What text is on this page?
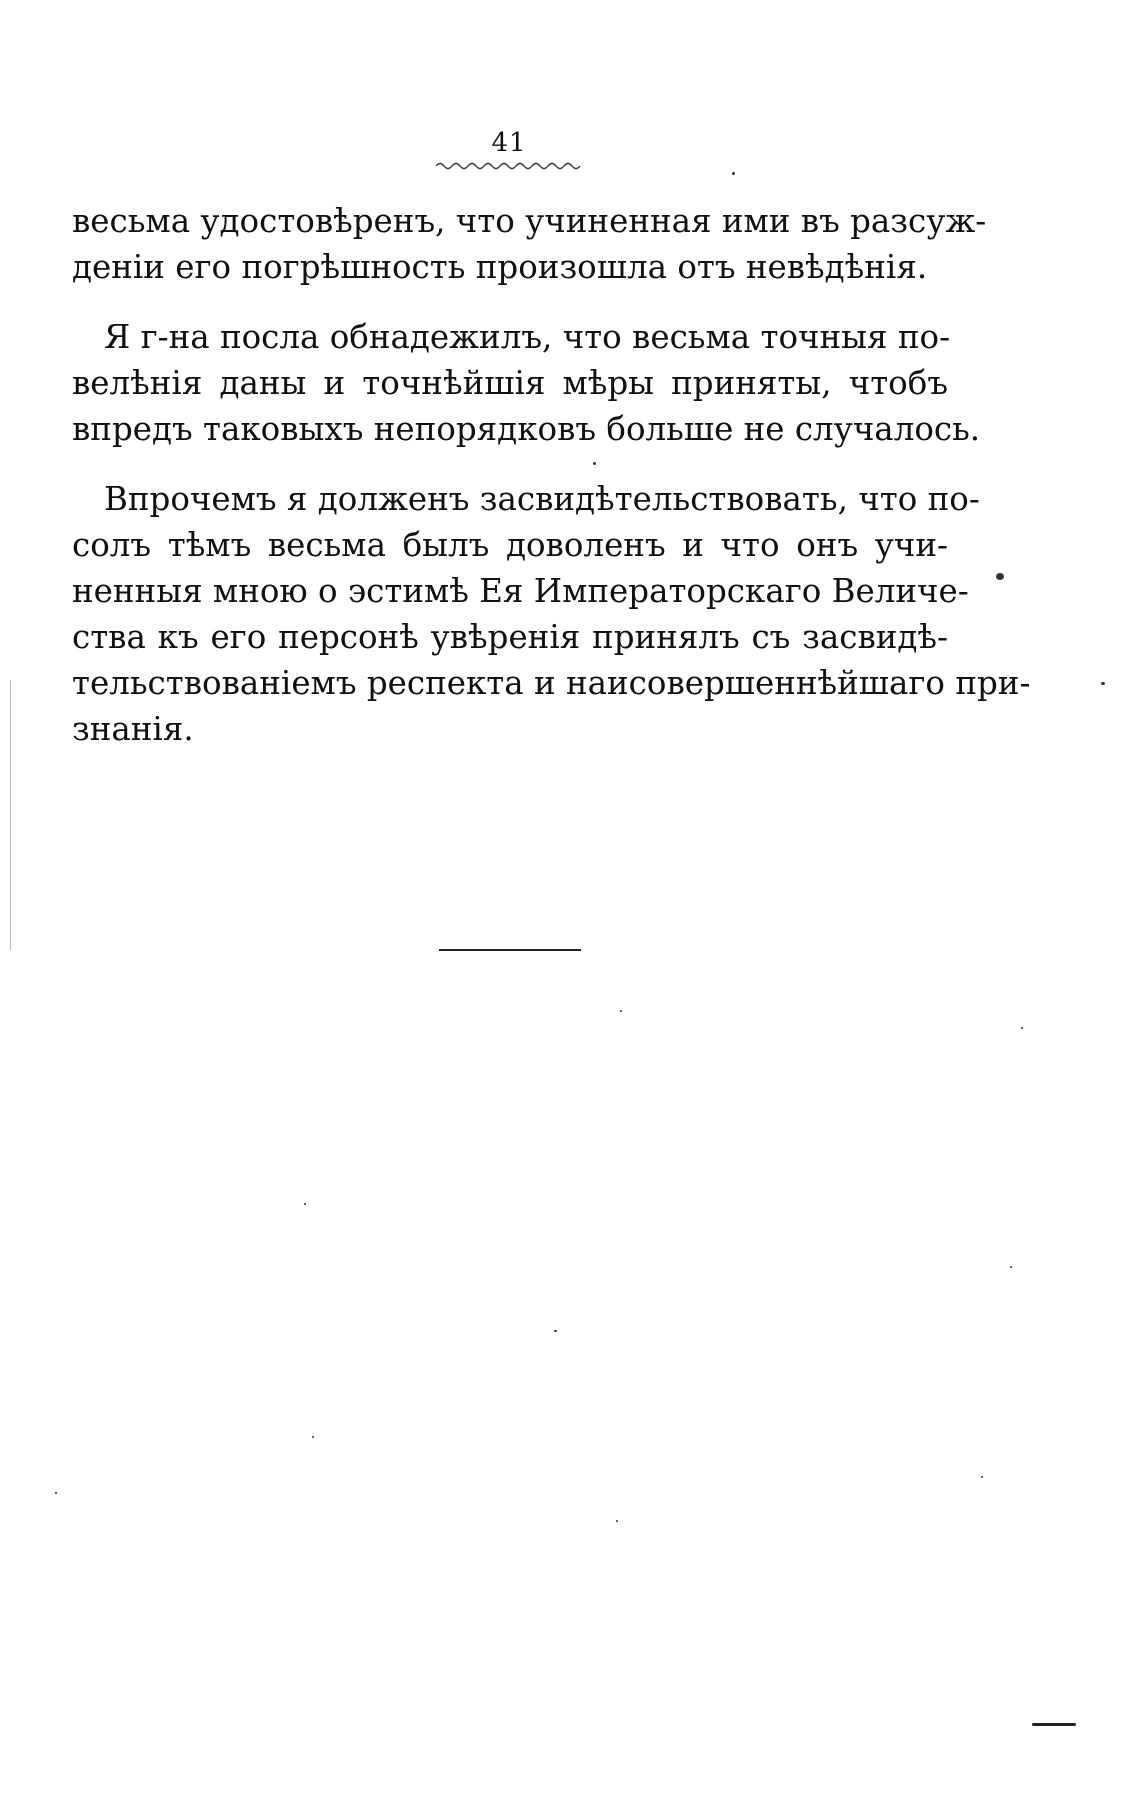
41
весьма удостовѣренъ, что учиненная ими въ разсуж-
деніи его погрѣшность произошла отъ невѣдѣнія.
Я г-на посла обнадежилъ, что весьма точныя по-
велѣнія даны и точнѣйшія мѣры приняты, чтобъ
впредъ таковыхъ непорядковъ больше не случалось.
Впрочемъ я долженъ засвидѣтельствовать, что по-
солъ тѣмъ весьма былъ доволенъ и что онъ учи-
ненныя мною о эстимѣ Ея Императорскаго Величе-
ства къ его персонѣ увѣренія принялъ съ засвидѣ-
тельствованіемъ респекта и наисовершеннѣйшаго при-
знанія.
